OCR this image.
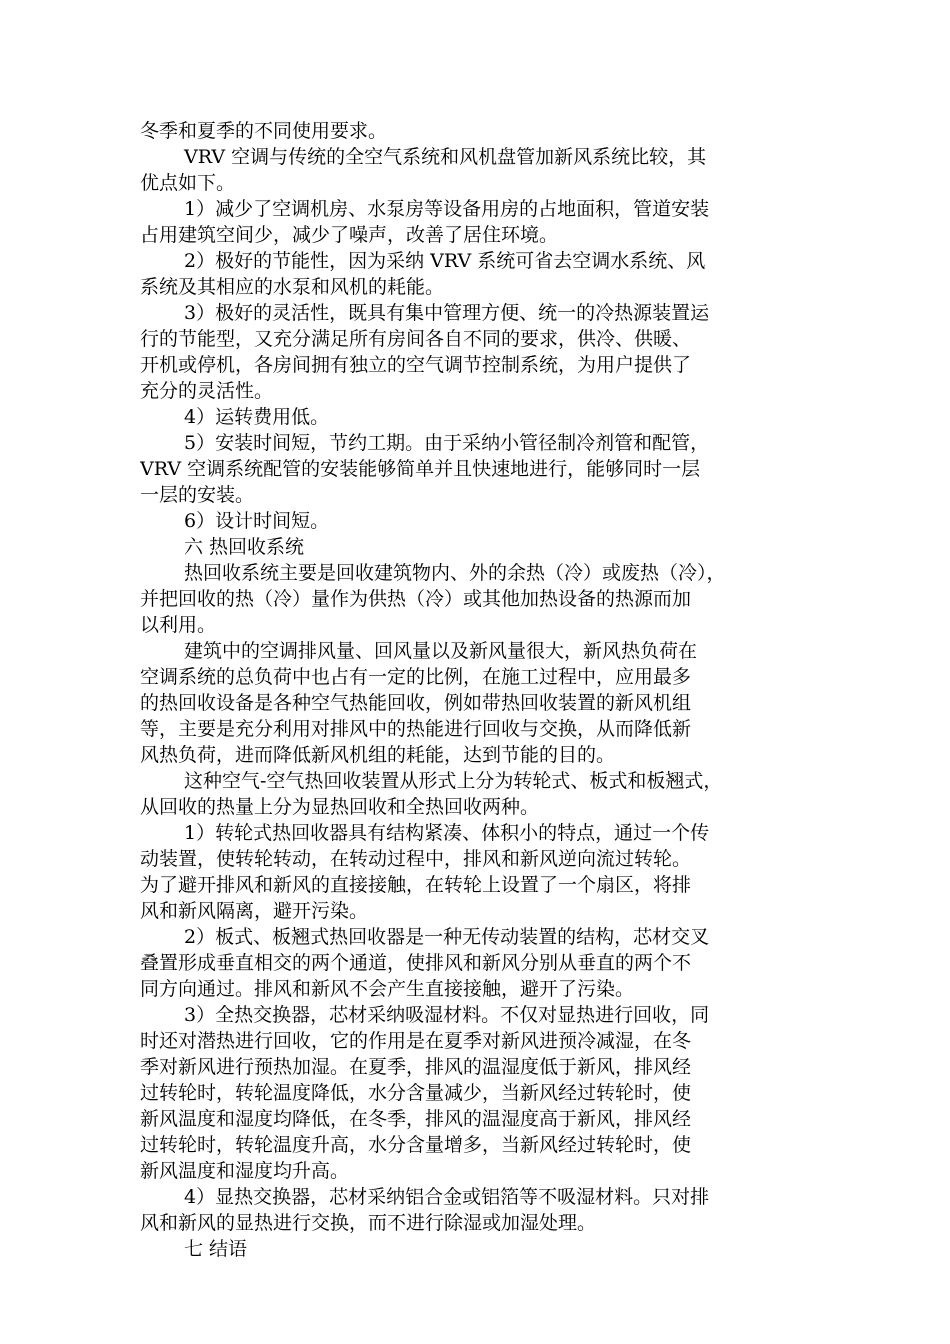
冬季和夏季的不同使用要求。
VRV 空调与传统的全空气系统和风机盘管加新风系统比较，其
优点如下。
1）减少了空调机房、水泵房等设备用房的占地面积，管道安装
占用建筑空间少，减少了噪声，改善了居住环境。
2）极好的节能性，因为采纳 VRV 系统可省去空调水系统、风
系统及其相应的水泵和风机的耗能。
3）极好的灵活性，既具有集中管理方便、统一的冷热源装置运
行的节能型，又充分满足所有房间各自不同的要求，供冷、供暖、
开机或停机，各房间拥有独立的空气调节控制系统，为用户提供了
充分的灵活性。
4）运转费用低。
5）安装时间短，节约工期。由于采纳小管径制冷剂管和配管，
VRV 空调系统配管的安装能够简单并且快速地进行，能够同时一层
一层的安装。
6）设计时间短。
六 热回收系统
热回收系统主要是回收建筑物内、外的余热（冷）或废热（冷），
并把回收的热（冷）量作为供热（冷）或其他加热设备的热源而加
以利用。
建筑中的空调排风量、回风量以及新风量很大，新风热负荷在
空调系统的总负荷中也占有一定的比例，在施工过程中，应用最多
的热回收设备是各种空气热能回收，例如带热回收装置的新风机组
等，主要是充分利用对排风中的热能进行回收与交换，从而降低新
风热负荷，进而降低新风机组的耗能，达到节能的目的。
这种空气-空气热回收装置从形式上分为转轮式、板式和板翘式，
从回收的热量上分为显热回收和全热回收两种。
1）转轮式热回收器具有结构紧凑、体积小的特点，通过一个传
动装置，使转轮转动，在转动过程中，排风和新风逆向流过转轮。
为了避开排风和新风的直接接触，在转轮上设置了一个扇区，将排
风和新风隔离，避开污染。
2）板式、板翘式热回收器是一种无传动装置的结构，芯材交叉
叠置形成垂直相交的两个通道，使排风和新风分别从垂直的两个不
同方向通过。排风和新风不会产生直接接触，避开了污染。
3）全热交换器，芯材采纳吸湿材料。不仅对显热进行回收，同
时还对潜热进行回收，它的作用是在夏季对新风进预冷减湿，在冬
季对新风进行预热加湿。在夏季，排风的温湿度低于新风，排风经
过转轮时，转轮温度降低，水分含量减少，当新风经过转轮时，使
新风温度和湿度均降低，在冬季，排风的温湿度高于新风，排风经
过转轮时，转轮温度升高，水分含量增多，当新风经过转轮时，使
新风温度和湿度均升高。
4）显热交换器，芯材采纳铝合金或铝箔等不吸湿材料。只对排
风和新风的显热进行交换，而不进行除湿或加湿处理。
七 结语
